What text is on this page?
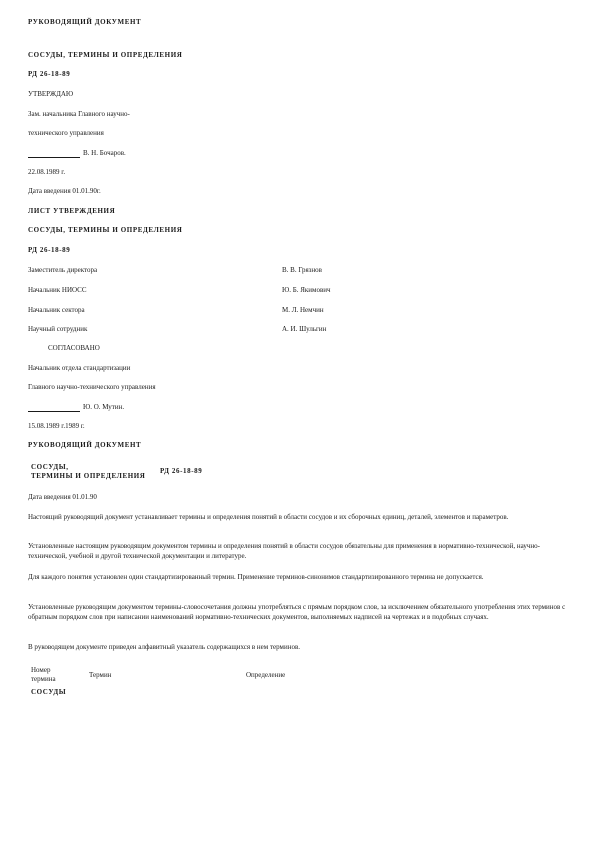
РУКОВОДЯЩИЙ ДОКУМЕНТ
СОСУДЫ, ТЕРМИНЫ И ОПРЕДЕЛЕНИЯ
РД 26-18-89
УТВЕРЖДАЮ
Зам. начальника Главного научно-
технического управления
В. Н. Бочаров.
22.08.1989 г.
Дата введения 01.01.90г.
ЛИСТ УТВЕРЖДЕНИЯ
СОСУДЫ, ТЕРМИНЫ И ОПРЕДЕЛЕНИЯ
РД 26-18-89
Заместитель директора	В. В. Грязнов
Начальник НИОСС	Ю. Б. Якимович
Начальник сектора	М. Л. Немчин
Научный сотрудник	А. И. Шульгин
СОГЛАСОВАНО
Начальник отдела стандартизации
Главного научно-технического управления
Ю. О. Мутин.
15.08.1989 г.1989 г.
РУКОВОДЯЩИЙ ДОКУМЕНТ
СОСУДЫ,
ТЕРМИНЫ И ОПРЕДЕЛЕНИЯ
РД 26-18-89
Дата введения 01.01.90
Настоящий руководящий документ устанавливает термины и определения понятий в области сосудов и их сборочных единиц, деталей, элементов и параметров.
Установленные настоящим руководящим документом термины и определения понятий в области сосудов обязательны для применения в нормативно-технической, научно-технической, учебной и другой технической документации и литературе.
Для каждого понятия установлен один стандартизированный термин. Применение терминов-синонимов стандартизированного термина не допускается.
Установленные руководящим документом термины-словосочетания должны употребляться с прямым порядком слов, за исключением обязательного употребления этих терминов с обратным порядком слов при написании наименований нормативно-технических документов, выполняемых надписей на чертежах и в подобных случаях.
В руководящем документе приведен алфавитный указатель содержащихся в нем терминов.
Номер
термина	Термин	Определение
СОСУДЫ
